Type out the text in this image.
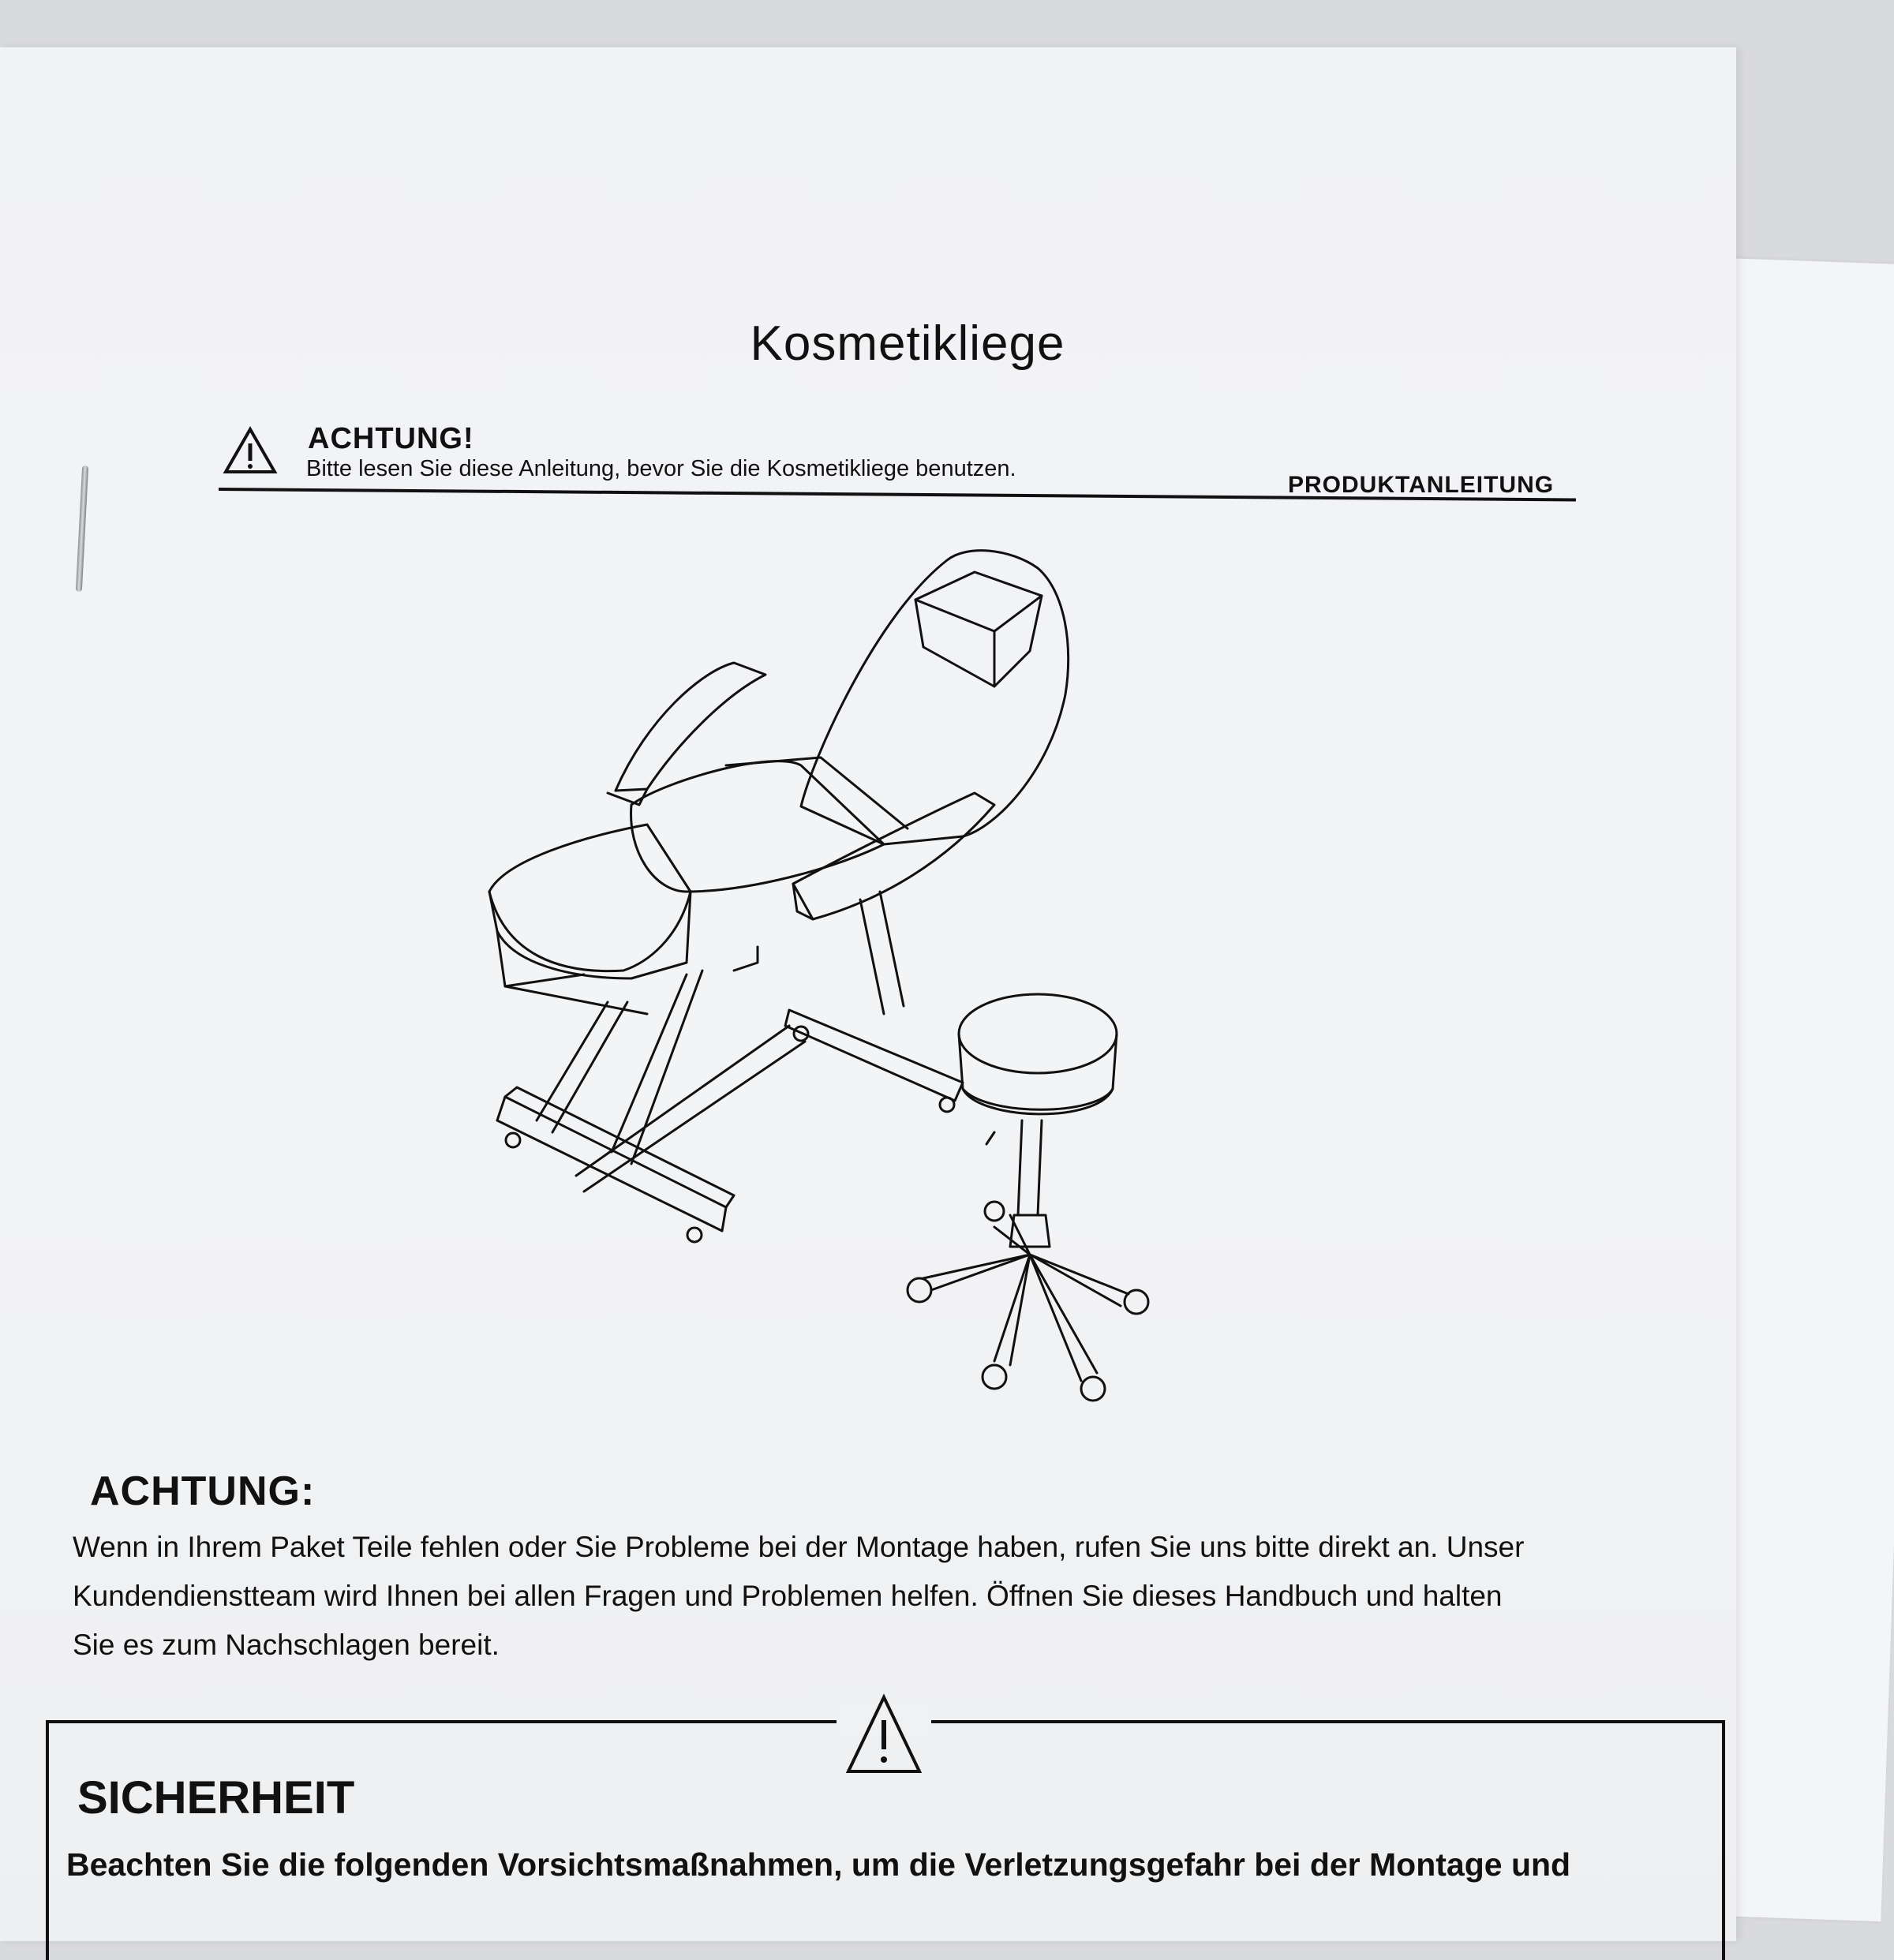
Kosmetikliege
ACHTUNG!
Bitte lesen Sie diese Anleitung, bevor Sie die Kosmetikliege benutzen.
PRODUKTANLEITUNG
ACHTUNG:
Wenn in Ihrem Paket Teile fehlen oder Sie Probleme bei der Montage haben, rufen Sie uns bitte direkt an. Unser
Kundendienstteam wird Ihnen bei allen Fragen und Problemen helfen. Öffnen Sie dieses Handbuch und halten
Sie es zum Nachschlagen bereit.
SICHERHEIT
Beachten Sie die folgenden Vorsichtsmaßnahmen, um die Verletzungsgefahr bei der Montage und
